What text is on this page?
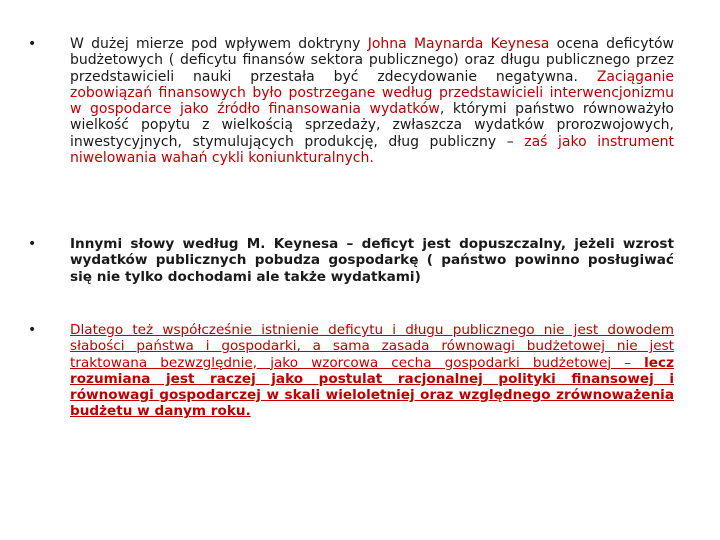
•	W dużej mierze pod wpływem doktryny Johna Maynarda Keynesa ocena deficytów budżetowych ( deficytu finansów sektora publicznego) oraz długu publicznego przez przedstawicieli nauki przestała być zdecydowanie negatywna. Zaciąganie zobowiązań finansowych było postrzegane według przedstawicieli interwencjonizmu w gospodarce jako źródło finansowania wydatków, którymi państwo równoważyło wielkość popytu z wielkością sprzedaży, zwłaszcza wydatków prorozwojowych, inwestycyjnych, stymulujących produkcję, dług publiczny – zaś jako instrument niwelowania wahań cykli koniunkturalnych.

•	Innymi słowy według M. Keynesa – deficyt jest dopuszczalny, jeżeli wzrost wydatków publicznych pobudza gospodarkę ( państwo powinno posługiwać się nie tylko dochodami ale także wydatkami)

•	Dlatego też współcześnie istnienie deficytu i długu publicznego nie jest dowodem słabości państwa i gospodarki, a sama zasada równowagi budżetowej nie jest traktowana bezwzględnie, jako wzorcowa cecha gospodarki budżetowej – lecz rozumiana jest raczej jako postulat racjonalnej polityki finansowej i równowagi gospodarczej w skali wieloletniej oraz względnego zrównoważenia budżetu w danym roku.
